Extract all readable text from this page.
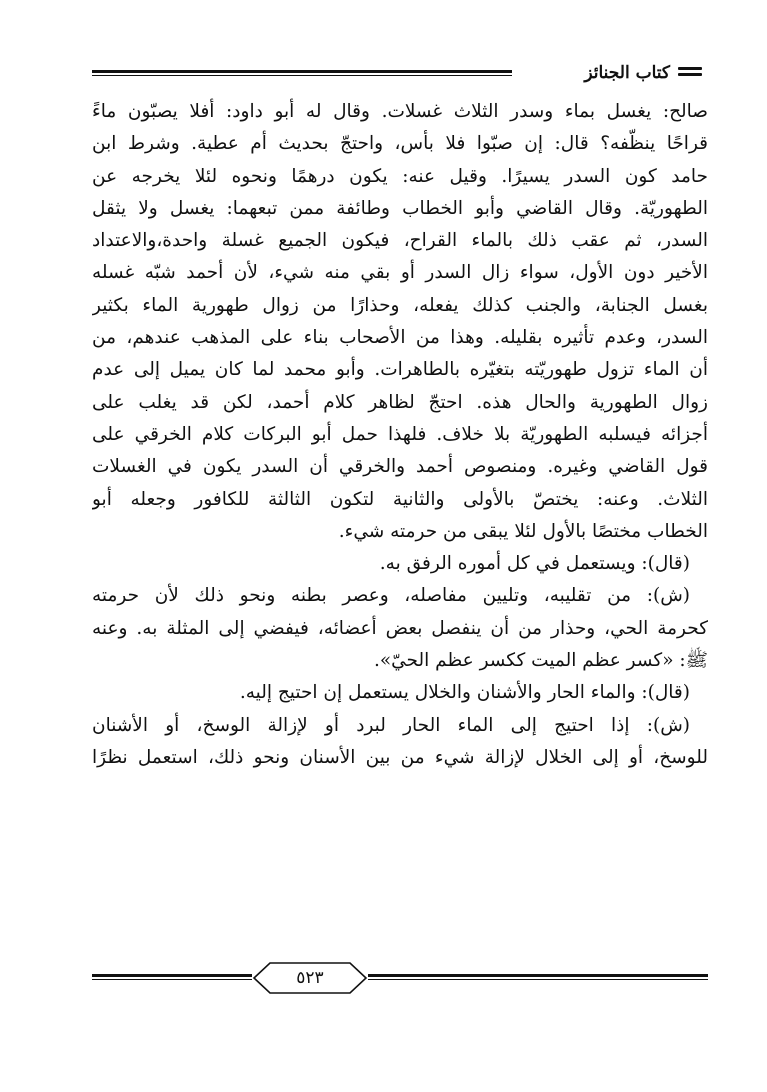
كتاب الجنائز
صالح: يغسل بماء وسدر الثلاث غسلات. وقال له أبو داود: أفلا يصبّون ماءً
قراحًا ينظّفه؟ قال: إن صبّوا فلا بأس، واحتجّ بحديث أم عطية. وشرط ابن
حامد كون السدر يسيرًا. وقيل عنه: يكون درهمًا ونحوه لئلا يخرجه عن
الطهوريّة. وقال القاضي وأبو الخطاب وطائفة ممن تبعهما: يغسل ولا يثقل
السدر، ثم عقب ذلك بالماء القراح، فيكون الجميع غسلة واحدة،والاعتداد
الأخير دون الأول، سواء زال السدر أو بقي منه شيء، لأن أحمد شبّه غسله
بغسل الجنابة، والجنب كذلك يفعله، وحذارًا من زوال طهورية الماء بكثير
السدر، وعدم تأثيره بقليله. وهذا من الأصحاب بناء على المذهب عندهم، من
أن الماء تزول طهوريّته بتغيّره بالطاهرات. وأبو محمد لما كان يميل إلى عدم
زوال الطهورية والحال هذه. احتجّ لظاهر كلام أحمد، لكن قد يغلب على
أجزائه فيسلبه الطهوريّة بلا خلاف. فلهذا حمل أبو البركات كلام الخرقي على
قول القاضي وغيره. ومنصوص أحمد والخرقي أن السدر يكون في الغسلات
الثلاث. وعنه: يختصّ بالأولى والثانية لتكون الثالثة للكافور وجعله أبو
الخطاب مختصًا بالأول لئلا يبقى من حرمته شيء.
(قال): ويستعمل في كل أموره الرفق به.
(ش): من تقليبه، وتليين مفاصله، وعصر بطنه ونحو ذلك لأن حرمته
كحرمة الحي، وحذار من أن ينفصل بعض أعضائه، فيفضي إلى المثلة به. وعنه
ﷺ: «كسر عظم الميت ككسر عظم الحيّ».
(قال): والماء الحار والأشنان والخلال يستعمل إن احتيج إليه.
(ش): إذا احتيج إلى الماء الحار لبرد أو لإزالة الوسخ، أو الأشنان
للوسخ، أو إلى الخلال لإزالة شيء من بين الأسنان ونحو ذلك، استعمل نظرًا
٥٢٣
